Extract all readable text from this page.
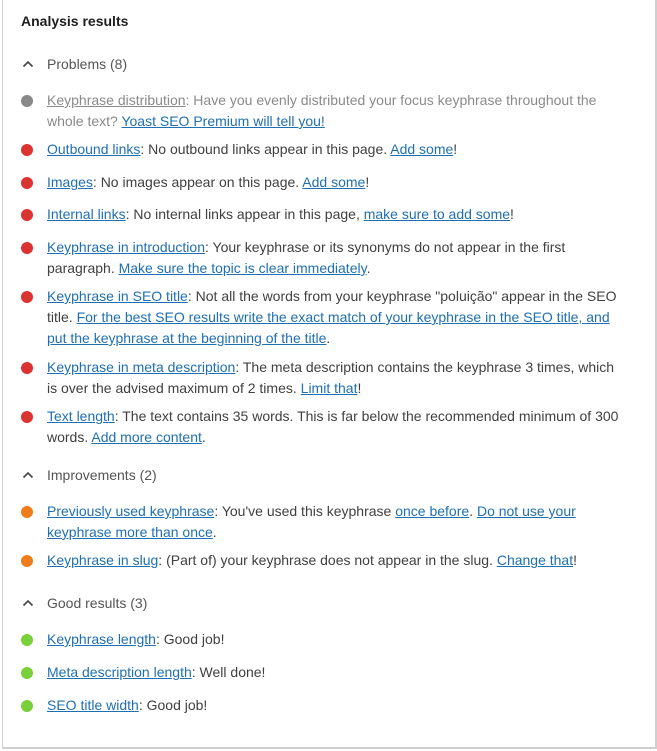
Analysis results
Problems (8)
Keyphrase distribution: Have you evenly distributed your focus keyphrase throughout the whole text? Yoast SEO Premium will tell you!
Outbound links: No outbound links appear in this page. Add some!
Images: No images appear on this page. Add some!
Internal links: No internal links appear in this page, make sure to add some!
Keyphrase in introduction: Your keyphrase or its synonyms do not appear in the first paragraph. Make sure the topic is clear immediately.
Keyphrase in SEO title: Not all the words from your keyphrase "poluição" appear in the SEO title. For the best SEO results write the exact match of your keyphrase in the SEO title, and put the keyphrase at the beginning of the title.
Keyphrase in meta description: The meta description contains the keyphrase 3 times, which is over the advised maximum of 2 times. Limit that!
Text length: The text contains 35 words. This is far below the recommended minimum of 300 words. Add more content.
Improvements (2)
Previously used keyphrase: You've used this keyphrase once before. Do not use your keyphrase more than once.
Keyphrase in slug: (Part of) your keyphrase does not appear in the slug. Change that!
Good results (3)
Keyphrase length: Good job!
Meta description length: Well done!
SEO title width: Good job!
